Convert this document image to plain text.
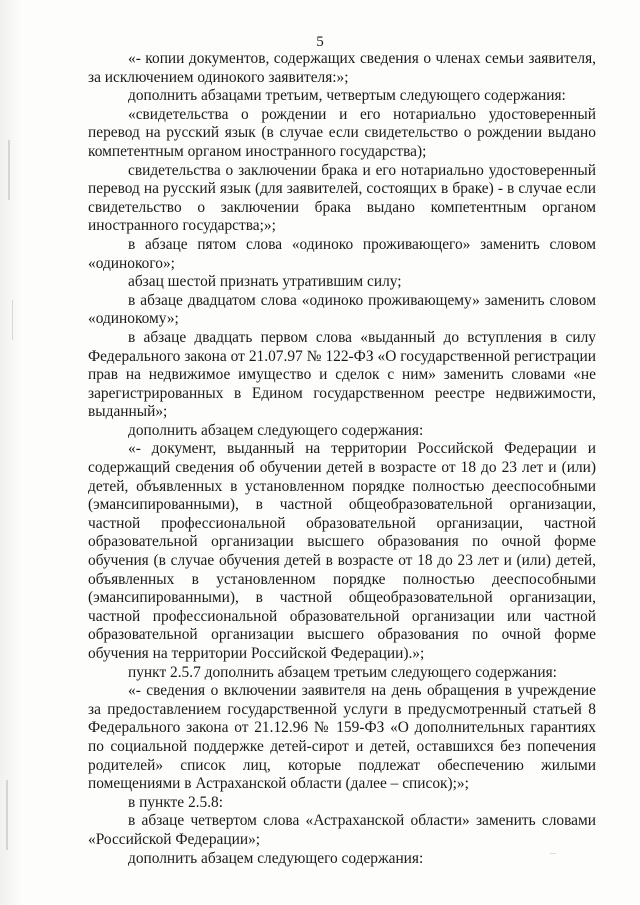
5

«- копии документов, содержащих сведения о членах семьи заявителя, за исключением одинокого заявителя:»;

дополнить абзацами третьим, четвертым следующего содержания:

«свидетельства о рождении и его нотариально удостоверенный перевод на русский язык (в случае если свидетельство о рождении выдано компетентным органом иностранного государства);

свидетельства о заключении брака и его нотариально удостоверенный перевод на русский язык (для заявителей, состоящих в браке) - в случае если свидетельство о заключении брака выдано компетентным органом иностранного государства;»;

в абзаце пятом слова «одиноко проживающего» заменить словом «одинокого»;

абзац шестой признать утратившим силу;

в абзаце двадцатом слова «одиноко проживающему» заменить словом «одинокому»;

в абзаце двадцать первом слова «выданный до вступления в силу Федерального закона от 21.07.97 № 122-ФЗ «О государственной регистрации прав на недвижимое имущество и сделок с ним» заменить словами «не зарегистрированных в Едином государственном реестре недвижимости, выданный»;

дополнить абзацем следующего содержания:

«- документ, выданный на территории Российской Федерации и содержащий сведения об обучении детей в возрасте от 18 до 23 лет и (или) детей, объявленных в установленном порядке полностью дееспособными (эмансипированными), в частной общеобразовательной организации, частной профессиональной образовательной организации, частной образовательной организации высшего образования по очной форме обучения (в случае обучения детей в возрасте от 18 до 23 лет и (или) детей, объявленных в установленном порядке полностью дееспособными (эмансипированными), в частной общеобразовательной организации, частной профессиональной образовательной организации или частной образовательной организации высшего образования по очной форме обучения на территории Российской Федерации).»;

пункт 2.5.7 дополнить абзацем третьим следующего содержания:

«- сведения о включении заявителя на день обращения в учреждение за предоставлением государственной услуги в предусмотренный статьей 8 Федерального закона от 21.12.96 № 159-ФЗ «О дополнительных гарантиях по социальной поддержке детей-сирот и детей, оставшихся без попечения родителей» список лиц, которые подлежат обеспечению жилыми помещениями в Астраханской области (далее – список);»;

в пункте 2.5.8:

в абзаце четвертом слова «Астраханской области» заменить словами «Российской Федерации»;

дополнить абзацем следующего содержания:
